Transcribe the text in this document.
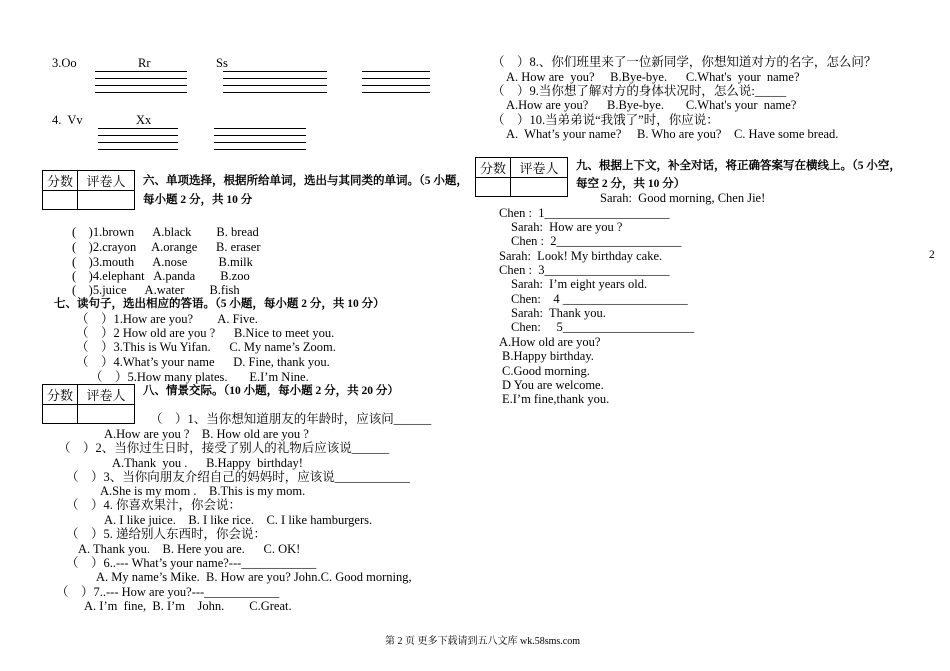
3.Oo	Rr	Ss
4.  Vv	Xx
分数	评卷人
	六、单项选择，根据所给单词，选出与其同类的单词。（5 小题，
每小题 2 分，共 10 分
(    )1.brown      A.black        B. bread
(    )2.crayon     A.orange      B. eraser
(    )3.mouth      A.nose          B.milk
(    )4.elephant   A.panda        B.zoo
(    )5.juice      A.water        B.fish
七、读句子，选出相应的答语。（5 小题，每小题 2 分，共 10 分）
（    ）1.How are you?        A. Five.
（    ）2 How old are you ?      B.Nice to meet you.
（    ）3.This is Wu Yifan.      C. My name’s Zoom.
（    ）4.What’s your name      D. Fine, thank you.
（    ）5.How many plates.       E.I’m Nine.
分数	评卷人
	八、情景交际。（10 小题，每小题 2 分，共 20 分）
（    ）1、当你想知道朋友的年龄时，应该问______
A.How are you ?    B. How old are you ?
（    ）2、当你过生日时，接受了别人的礼物后应该说______
A.Thank  you .      B.Happy  birthday!
（    ）3、当你向朋友介绍自己的妈妈时，应该说____________
A.She is my mom .    B.This is my mom.
（    ）4. 你喜欢果汁，你会说：
A. I like juice.    B. I like rice.    C. I like hamburgers.
（    ）5. 递给别人东西时，你会说：
A. Thank you.    B. Here you are.      C. OK!
（    ）6..--- What’s your name?---____________
A. My name’s Mike.  B. How are you? John.C. Good morning,
（    ）7..--- How are you?---____________
A. I’m  fine,  B. I’m    John.        C.Great.
（    ）8.、你们班里来了一位新同学，你想知道对方的名字，怎么问？
A. How are  you?     B.Bye-bye.      C.What's  your  name?
（    ）9.当你想了解对方的身体状况时，怎么说:_____
A.How are you?      B.Bye-bye.       C.What's your  name?
（    ）10.当弟弟说“我饿了”时，你应说：
A.  What’s your name?     B. Who are you?    C. Have some bread.
分数	评卷人
	九、根据上下文，补全对话，将正确答案写在横线上。（5 小空，
每空 2 分，共 10 分）
Sarah:  Good morning, Chen Jie!
Chen :  1____________________
Sarah:  How are you ?
Chen :  2____________________
Sarah:  Look! My birthday cake.
Chen :  3____________________
Sarah:  I’m eight years old.
Chen:    4 ____________________
Sarah:  Thank you.
Chen:     5_____________________
A.How old are you?
B.Happy birthday.
C.Good morning.
D You are welcome.
E.I’m fine,thank you.
2
第 2 页 更多下载请到五八文库 wk.58sms.com
